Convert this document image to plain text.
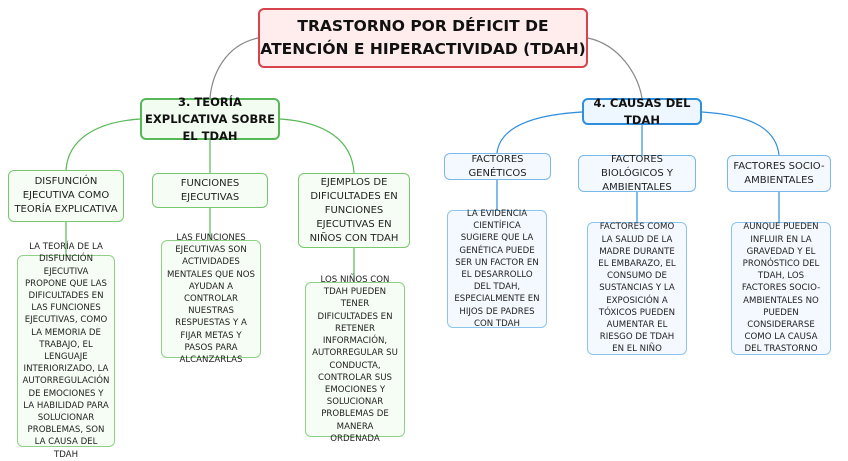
TRASTORNO POR DÉFICIT DE ATENCIÓN E HIPERACTIVIDAD (TDAH)
3. TEORÍA EXPLICATIVA SOBRE EL TDAH
4. CAUSAS DEL TDAH
DISFUNCIÓN EJECUTIVA COMO TEORÍA EXPLICATIVA
FUNCIONES EJECUTIVAS
EJEMPLOS DE DIFICULTADES EN FUNCIONES EJECUTIVAS EN NIÑOS CON TDAH
LA TEORÍA DE LA DISFUNCIÓN EJECUTIVA PROPONE QUE LAS DIFICULTADES EN LAS FUNCIONES EJECUTIVAS, COMO LA MEMORIA DE TRABAJO, EL LENGUAJE INTERIORIZADO, LA AUTORREGULACIÓN DE EMOCIONES Y LA HABILIDAD PARA SOLUCIONAR PROBLEMAS, SON LA CAUSA DEL TDAH
LAS FUNCIONES EJECUTIVAS SON ACTIVIDADES MENTALES QUE NOS AYUDAN A CONTROLAR NUESTRAS RESPUESTAS Y A FIJAR METAS Y PASOS PARA ALCANZARLAS
LOS NIÑOS CON TDAH PUEDEN TENER DIFICULTADES EN RETENER INFORMACIÓN, AUTORREGULAR SU CONDUCTA, CONTROLAR SUS EMOCIONES Y SOLUCIONAR PROBLEMAS DE MANERA ORDENADA
FACTORES GENÉTICOS
FACTORES BIOLÓGICOS Y AMBIENTALES
FACTORES SOCIO-AMBIENTALES
LA EVIDENCIA CIENTÍFICA SUGIERE QUE LA GENÉTICA PUEDE SER UN FACTOR EN EL DESARROLLO DEL TDAH, ESPECIALMENTE EN HIJOS DE PADRES CON TDAH
FACTORES COMO LA SALUD DE LA MADRE DURANTE EL EMBARAZO, EL CONSUMO DE SUSTANCIAS Y LA EXPOSICIÓN A TÓXICOS PUEDEN AUMENTAR EL RIESGO DE TDAH EN EL NIÑO
AUNQUE PUEDEN INFLUIR EN LA GRAVEDAD Y EL PRONÓSTICO DEL TDAH, LOS FACTORES SOCIO-AMBIENTALES NO PUEDEN CONSIDERARSE COMO LA CAUSA DEL TRASTORNO
